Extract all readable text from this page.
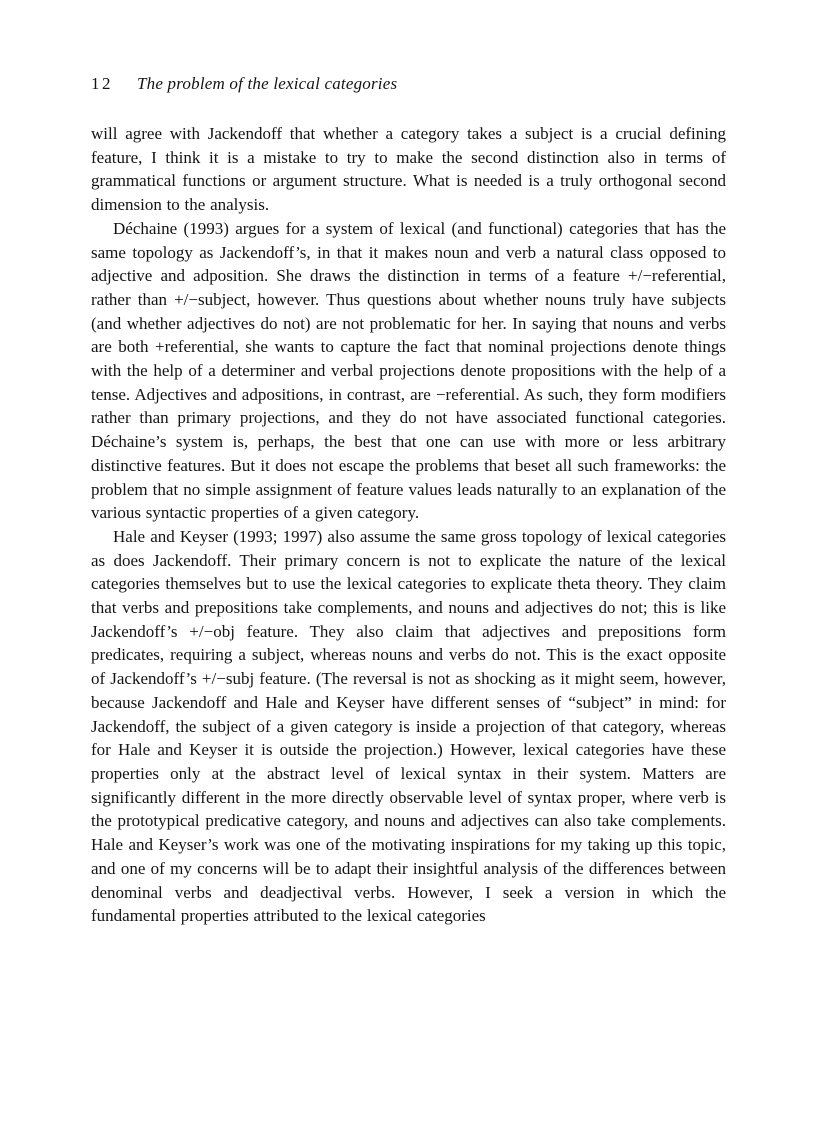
12 The problem of the lexical categories

will agree with Jackendoff that whether a category takes a subject is a crucial defining feature, I think it is a mistake to try to make the second distinction also in terms of grammatical functions or argument structure. What is needed is a truly orthogonal second dimension to the analysis.

Déchaine (1993) argues for a system of lexical (and functional) categories that has the same topology as Jackendoff’s, in that it makes noun and verb a natural class opposed to adjective and adposition. She draws the distinction in terms of a feature +/−referential, rather than +/−subject, however. Thus questions about whether nouns truly have subjects (and whether adjectives do not) are not problematic for her. In saying that nouns and verbs are both +referential, she wants to capture the fact that nominal projections denote things with the help of a determiner and verbal projections denote propositions with the help of a tense. Adjectives and adpositions, in contrast, are −referential. As such, they form modifiers rather than primary projections, and they do not have associated functional categories. Déchaine’s system is, perhaps, the best that one can use with more or less arbitrary distinctive features. But it does not escape the problems that beset all such frameworks: the problem that no simple assignment of feature values leads naturally to an explanation of the various syntactic properties of a given category.

Hale and Keyser (1993; 1997) also assume the same gross topology of lexical categories as does Jackendoff. Their primary concern is not to explicate the nature of the lexical categories themselves but to use the lexical categories to explicate theta theory. They claim that verbs and prepositions take complements, and nouns and adjectives do not; this is like Jackendoff’s +/−obj feature. They also claim that adjectives and prepositions form predicates, requiring a subject, whereas nouns and verbs do not. This is the exact opposite of Jackendoff’s +/−subj feature. (The reversal is not as shocking as it might seem, however, because Jackendoff and Hale and Keyser have different senses of “subject” in mind: for Jackendoff, the subject of a given category is inside a projection of that category, whereas for Hale and Keyser it is outside the projection.) However, lexical categories have these properties only at the abstract level of lexical syntax in their system. Matters are significantly different in the more directly observable level of syntax proper, where verb is the prototypical predicative category, and nouns and adjectives can also take complements. Hale and Keyser’s work was one of the motivating inspirations for my taking up this topic, and one of my concerns will be to adapt their insightful analysis of the differences between denominal verbs and deadjectival verbs. However, I seek a version in which the fundamental properties attributed to the lexical categories
